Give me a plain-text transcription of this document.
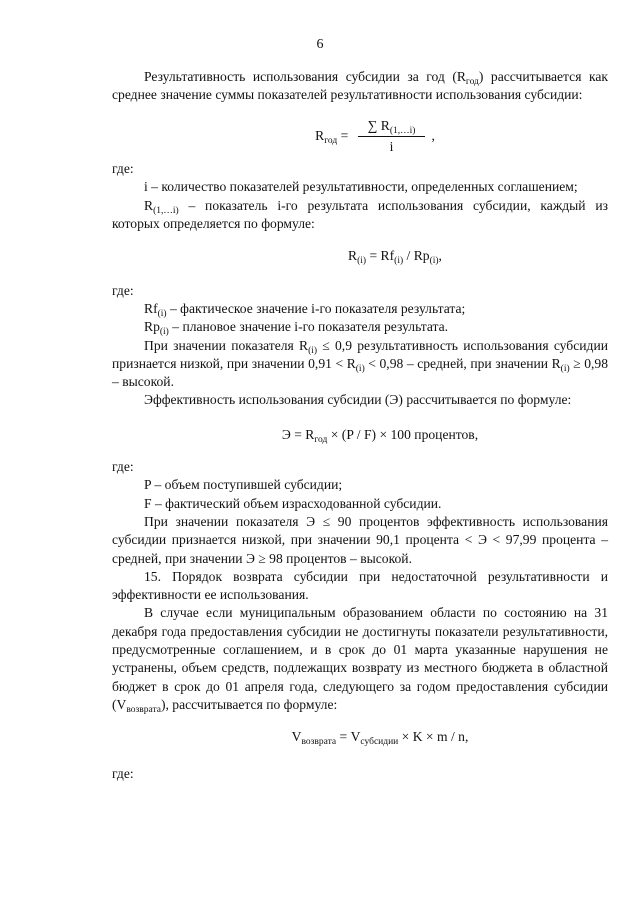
6

Результативность использования субсидии за год $(R_{год})$ рассчитывается как среднее значение суммы показателей результативности использования субсидии:

$R_{год} = \frac{\sum R_{(1,\dots i)}}{i}$ ,

где:

i – количество показателей результативности, определенных соглашением;

$R_{(1,\dots i)}$ – показатель i-го результата использования субсидии, каждый из которых определяется по формуле:

$R_{(i)} = Rf_{(i)} / Rp_{(i)}$,

где:

$Rf_{(i)}$ – фактическое значение i-го показателя результата;

$Rp_{(i)}$ – плановое значение i-го показателя результата.

При значении показателя $R_{(i)} \le 0,9$ результативность использования субсидии признается низкой, при значении $0,91 < R_{(i)} < 0,98$ – средней, при значении $R_{(i)} \ge 0,98$ – высокой.

Эффективность использования субсидии (Э) рассчитывается по формуле:

$Э = R_{год} \times (P / F) \times 100$ процентов,

где:

P – объем поступившей субсидии;

F – фактический объем израсходованной субсидии.

При значении показателя Э ≤ 90 процентов эффективность использования субсидии признается низкой, при значении 90,1 процента < Э < 97,99 процента – средней, при значении Э ≥ 98 процентов – высокой.

15. Порядок возврата субсидии при недостаточной результативности и эффективности ее использования.

В случае если муниципальным образованием области по состоянию на 31 декабря года предоставления субсидии не достигнуты показатели результативности, предусмотренные соглашением, и в срок до 01 марта указанные нарушения не устранены, объем средств, подлежащих возврату из местного бюджета в областной бюджет в срок до 01 апреля года, следующего за годом предоставления субсидии $(V_{возврата})$, рассчитывается по формуле:

$V_{возврата} = V_{субсидии} \times K \times m / n$,

где:
